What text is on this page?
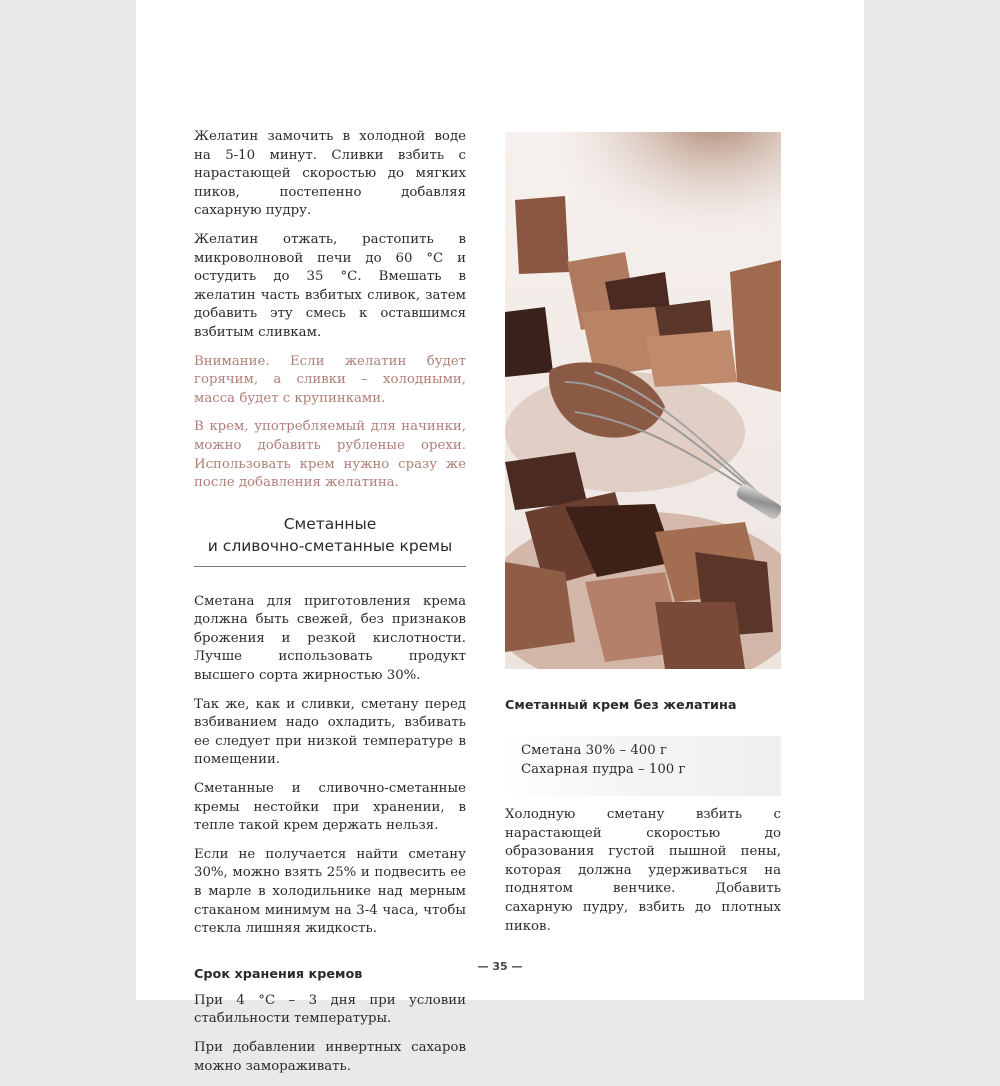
Желатин замочить в холодной воде на 5-10 минут. Сливки взбить с нарастающей скоростью до мягких пиков, постепенно добавляя сахарную пудру.

Желатин отжать, растопить в микроволновой печи до 60 °С и остудить до 35 °С. Вмешать в желатин часть взбитых сливок, затем добавить эту смесь к оставшимся взбитым сливкам.

Внимание. Если желатин будет горячим, а сливки – холодными, масса будет с крупинками.

В крем, употребляемый для начинки, можно добавить рубленые орехи. Использовать крем нужно сразу же после добавления желатина.

Сметанные
и сливочно-сметанные кремы

Сметана для приготовления крема должна быть свежей, без признаков брожения и резкой кислотности. Лучше использовать продукт высшего сорта жирностью 30%.

Так же, как и сливки, сметану перед взбиванием надо охладить, взбивать ее следует при низкой температуре в помещении.

Сметанные и сливочно-сметанные кремы нестойки при хранении, в тепле такой крем держать нельзя.

Если не получается найти сметану 30%, можно взять 25% и подвесить ее в марле в холодильнике над мерным стаканом минимум на 3-4 часа, чтобы стекла лишняя жидкость.

Срок хранения кремов

При 4 °С – 3 дня при условии стабильности температуры.

При добавлении инвертных сахаров можно замораживать.

Сметанный крем без желатина
Сметана 30% – 400 г
Сахарная пудра – 100 г

Холодную сметану взбить с нарастающей скоростью до образования густой пышной пены, которая должна удерживаться на поднятом венчике. Добавить сахарную пудру, взбить до плотных пиков.

— 35 —
